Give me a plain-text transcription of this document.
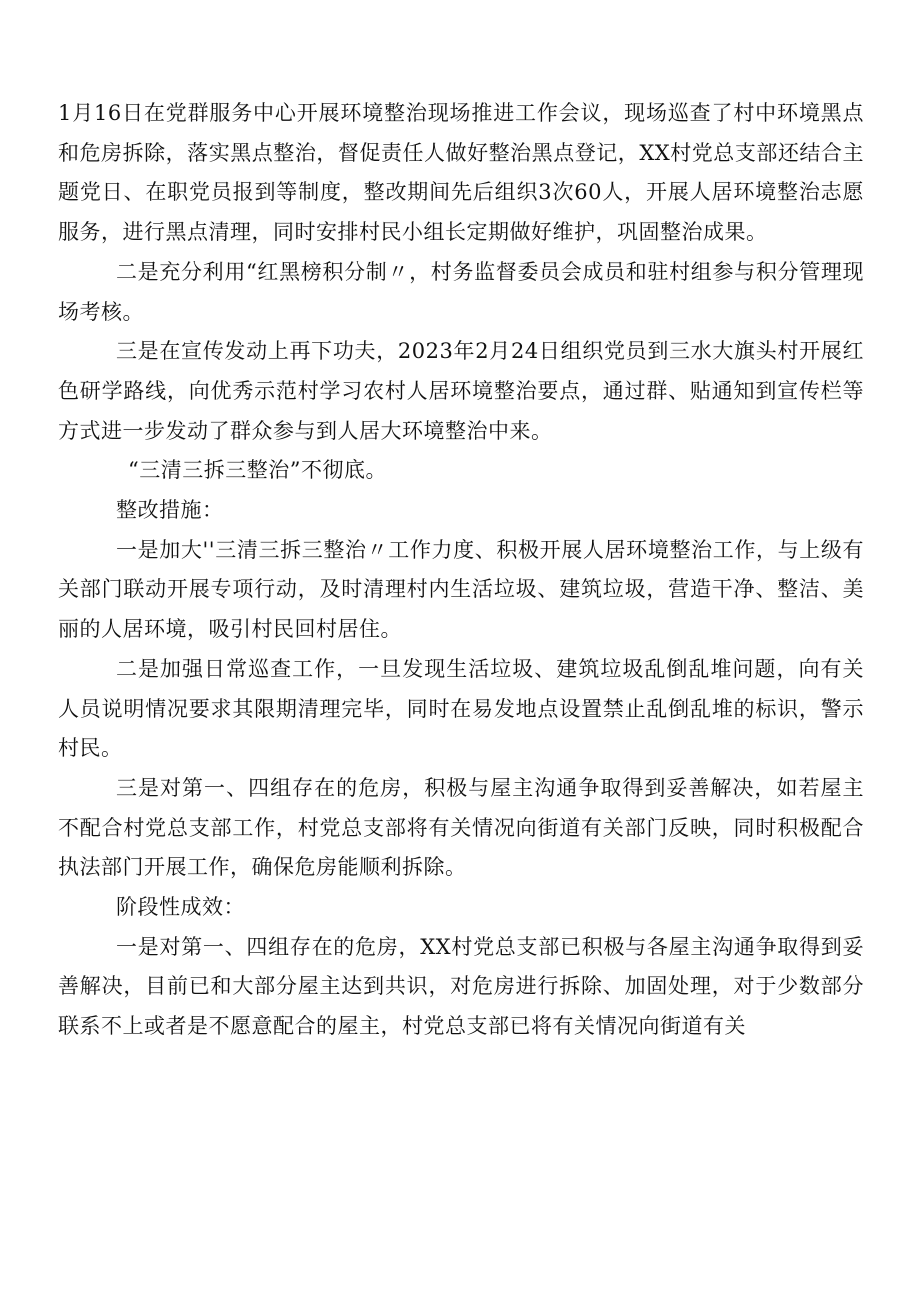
1月16日在党群服务中心开展环境整治现场推进工作会议，现场巡查了村中环境黑点和危房拆除，落实黑点整治，督促责任人做好整治黑点登记，XX村党总支部还结合主题党日、在职党员报到等制度，整改期间先后组织3次60人，开展人居环境整治志愿服务，进行黑点清理，同时安排村民小组长定期做好维护，巩固整治成果。

二是充分利用“红黑榜积分制〃，村务监督委员会成员和驻村组参与积分管理现场考核。

三是在宣传发动上再下功夫，2023年2月24日组织党员到三水大旗头村开展红色研学路线，向优秀示范村学习农村人居环境整治要点，通过群、贴通知到宣传栏等方式进一步发动了群众参与到人居大环境整治中来。

“三清三拆三整治”不彻底。

整改措施：

一是加大''三清三拆三整治〃工作力度、积极开展人居环境整治工作，与上级有关部门联动开展专项行动，及时清理村内生活垃圾、建筑垃圾，营造干净、整洁、美丽的人居环境，吸引村民回村居住。

二是加强日常巡查工作，一旦发现生活垃圾、建筑垃圾乱倒乱堆问题，向有关人员说明情况要求其限期清理完毕，同时在易发地点设置禁止乱倒乱堆的标识，警示村民。

三是对第一、四组存在的危房，积极与屋主沟通争取得到妥善解决，如若屋主不配合村党总支部工作，村党总支部将有关情况向街道有关部门反映，同时积极配合执法部门开展工作，确保危房能顺利拆除。

阶段性成效：

一是对第一、四组存在的危房，XX村党总支部已积极与各屋主沟通争取得到妥善解决，目前已和大部分屋主达到共识，对危房进行拆除、加固处理，对于少数部分联系不上或者是不愿意配合的屋主，村党总支部已将有关情况向街道有关
